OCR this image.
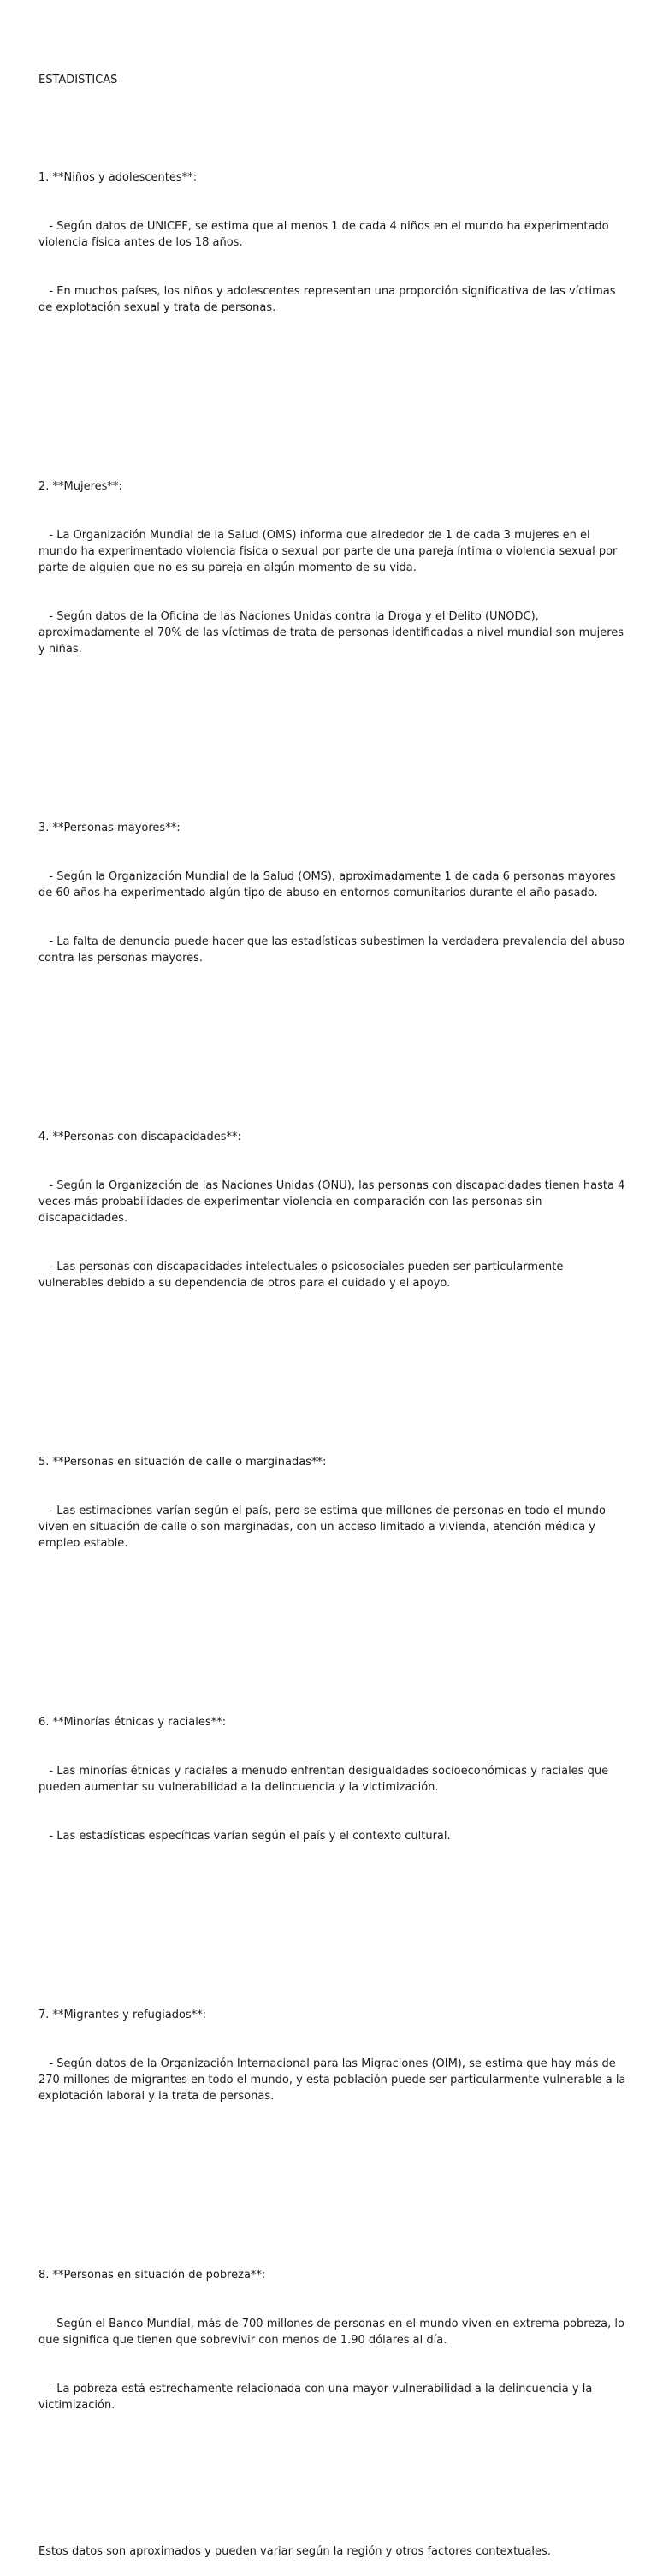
ESTADISTICAS

1. **Niños y adolescentes**:

- Según datos de UNICEF, se estima que al menos 1 de cada 4 niños en el mundo ha experimentado violencia física antes de los 18 años.

- En muchos países, los niños y adolescentes representan una proporción significativa de las víctimas de explotación sexual y trata de personas.

2. **Mujeres**:

- La Organización Mundial de la Salud (OMS) informa que alrededor de 1 de cada 3 mujeres en el mundo ha experimentado violencia física o sexual por parte de una pareja íntima o violencia sexual por parte de alguien que no es su pareja en algún momento de su vida.

- Según datos de la Oficina de las Naciones Unidas contra la Droga y el Delito (UNODC), aproximadamente el 70% de las víctimas de trata de personas identificadas a nivel mundial son mujeres y niñas.

3. **Personas mayores**:

- Según la Organización Mundial de la Salud (OMS), aproximadamente 1 de cada 6 personas mayores de 60 años ha experimentado algún tipo de abuso en entornos comunitarios durante el año pasado.

- La falta de denuncia puede hacer que las estadísticas subestimen la verdadera prevalencia del abuso contra las personas mayores.

4. **Personas con discapacidades**:

- Según la Organización de las Naciones Unidas (ONU), las personas con discapacidades tienen hasta 4 veces más probabilidades de experimentar violencia en comparación con las personas sin discapacidades.

- Las personas con discapacidades intelectuales o psicosociales pueden ser particularmente vulnerables debido a su dependencia de otros para el cuidado y el apoyo.

5. **Personas en situación de calle o marginadas**:

- Las estimaciones varían según el país, pero se estima que millones de personas en todo el mundo viven en situación de calle o son marginadas, con un acceso limitado a vivienda, atención médica y empleo estable.

6. **Minorías étnicas y raciales**:

- Las minorías étnicas y raciales a menudo enfrentan desigualdades socioeconómicas y raciales que pueden aumentar su vulnerabilidad a la delincuencia y la victimización.

- Las estadísticas específicas varían según el país y el contexto cultural.

7. **Migrantes y refugiados**:

- Según datos de la Organización Internacional para las Migraciones (OIM), se estima que hay más de 270 millones de migrantes en todo el mundo, y esta población puede ser particularmente vulnerable a la explotación laboral y la trata de personas.

8. **Personas en situación de pobreza**:

- Según el Banco Mundial, más de 700 millones de personas en el mundo viven en extrema pobreza, lo que significa que tienen que sobrevivir con menos de 1.90 dólares al día.

- La pobreza está estrechamente relacionada con una mayor vulnerabilidad a la delincuencia y la victimización.

Estos datos son aproximados y pueden variar según la región y otros factores contextuales.
